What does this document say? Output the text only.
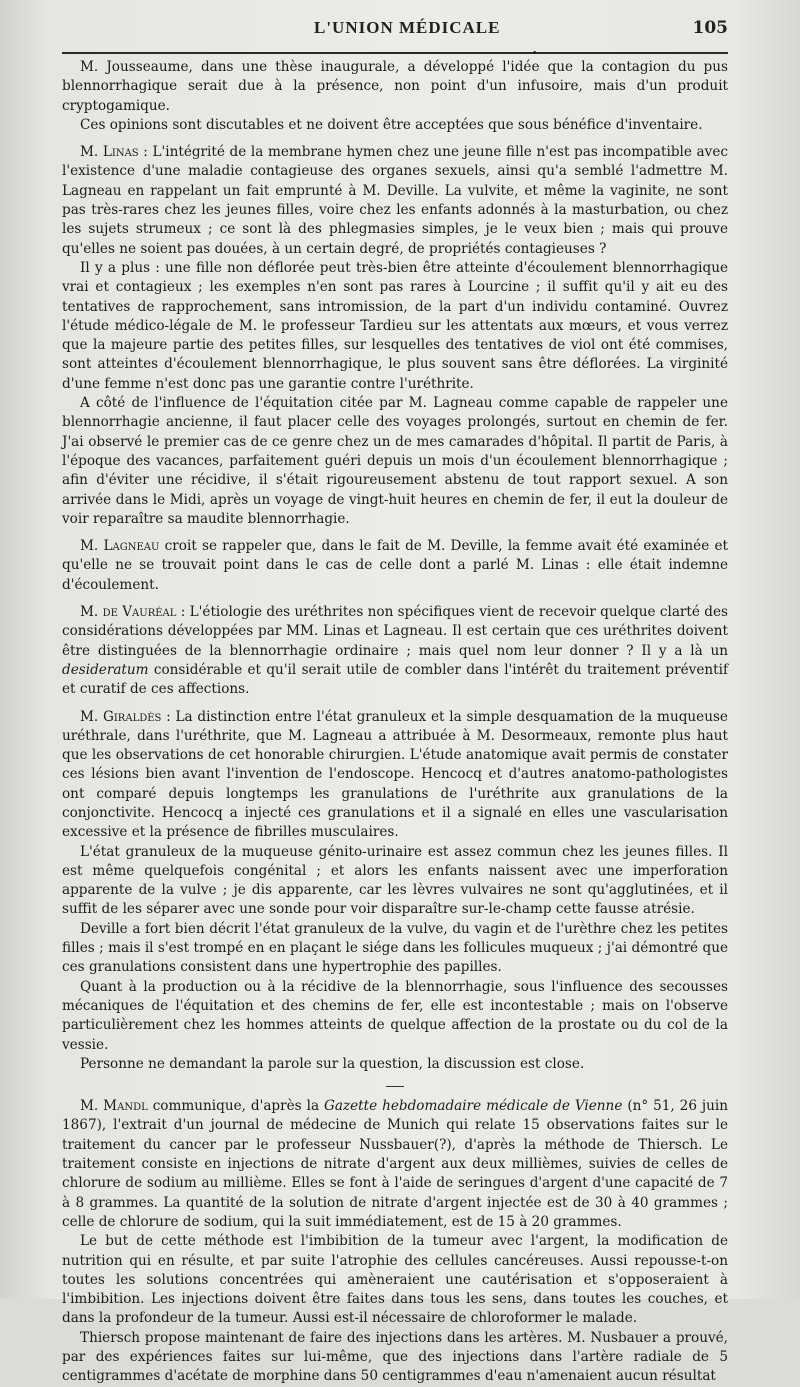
L'UNION MÉDICALE	105
•

M. Jousseaume, dans une thèse inaugurale, a développé l'idée que la contagion du pus blennorrhagique serait due à la présence, non point d'un infusoire, mais d'un produit cryptogamique.

Ces opinions sont discutables et ne doivent être acceptées que sous bénéfice d'inventaire.

M. Linas : L'intégrité de la membrane hymen chez une jeune fille n'est pas incompatible avec l'existence d'une maladie contagieuse des organes sexuels, ainsi qu'a semblé l'admettre M. Lagneau en rappelant un fait emprunté à M. Deville. La vulvite, et même la vaginite, ne sont pas très-rares chez les jeunes filles, voire chez les enfants adonnés à la masturbation, ou chez les sujets strumeux ; ce sont là des phlegmasies simples, je le veux bien ; mais qui prouve qu'elles ne soient pas douées, à un certain degré, de propriétés contagieuses ?

Il y a plus : une fille non déflorée peut très-bien être atteinte d'écoulement blennorrhagique vrai et contagieux ; les exemples n'en sont pas rares à Lourcine ; il suffit qu'il y ait eu des tentatives de rapprochement, sans intromission, de la part d'un individu contaminé. Ouvrez l'étude médico-légale de M. le professeur Tardieu sur les attentats aux mœurs, et vous verrez que la majeure partie des petites filles, sur lesquelles des tentatives de viol ont été commises, sont atteintes d'écoulement blennorrhagique, le plus souvent sans être déflorées. La virginité d'une femme n'est donc pas une garantie contre l'uréthrite.

A côté de l'influence de l'équitation citée par M. Lagneau comme capable de rappeler une blennorrhagie ancienne, il faut placer celle des voyages prolongés, surtout en chemin de fer. J'ai observé le premier cas de ce genre chez un de mes camarades d'hôpital. Il partit de Paris, à l'époque des vacances, parfaitement guéri depuis un mois d'un écoulement blennorrhagique ; afin d'éviter une récidive, il s'était rigoureusement abstenu de tout rapport sexuel. A son arrivée dans le Midi, après un voyage de vingt-huit heures en chemin de fer, il eut la douleur de voir reparaître sa maudite blennorrhagie.

M. Lagneau croit se rappeler que, dans le fait de M. Deville, la femme avait été examinée et qu'elle ne se trouvait point dans le cas de celle dont a parlé M. Linas : elle était indemne d'écoulement.

M. de Vauréal : L'étiologie des uréthrites non spécifiques vient de recevoir quelque clarté des considérations développées par MM. Linas et Lagneau. Il est certain que ces uréthrites doivent être distinguées de la blennorrhagie ordinaire ; mais quel nom leur donner ? Il y a là un desideratum considérable et qu'il serait utile de combler dans l'intérêt du traitement préventif et curatif de ces affections.

M. Giraldès : La distinction entre l'état granuleux et la simple desquamation de la muqueuse uréthrale, dans l'uréthrite, que M. Lagneau a attribuée à M. Desormeaux, remonte plus haut que les observations de cet honorable chirurgien. L'étude anatomique avait permis de constater ces lésions bien avant l'invention de l'endoscope. Hencocq et d'autres anatomo-pathologistes ont comparé depuis longtemps les granulations de l'uréthrite aux granulations de la conjonctivite. Hencocq a injecté ces granulations et il a signalé en elles une vascularisation excessive et la présence de fibrilles musculaires.

L'état granuleux de la muqueuse génito-urinaire est assez commun chez les jeunes filles. Il est même quelquefois congénital ; et alors les enfants naissent avec une imperforation apparente de la vulve ; je dis apparente, car les lèvres vulvaires ne sont qu'agglutinées, et il suffit de les séparer avec une sonde pour voir disparaître sur-le-champ cette fausse atrésie.

Deville a fort bien décrit l'état granuleux de la vulve, du vagin et de l'urèthre chez les petites filles ; mais il s'est trompé en en plaçant le siége dans les follicules muqueux ; j'ai démontré que ces granulations consistent dans une hypertrophie des papilles.

Quant à la production ou à la récidive de la blennorrhagie, sous l'influence des secousses mécaniques de l'équitation et des chemins de fer, elle est incontestable ; mais on l'observe particulièrement chez les hommes atteints de quelque affection de la prostate ou du col de la vessie.

Personne ne demandant la parole sur la question, la discussion est close.

M. Mandl communique, d'après la Gazette hebdomadaire médicale de Vienne (n° 51, 26 juin 1867), l'extrait d'un journal de médecine de Munich qui relate 15 observations faites sur le traitement du cancer par le professeur Nussbauer(?), d'après la méthode de Thiersch. Le traitement consiste en injections de nitrate d'argent aux deux millièmes, suivies de celles de chlorure de sodium au millième. Elles se font à l'aide de seringues d'argent d'une capacité de 7 à 8 grammes. La quantité de la solution de nitrate d'argent injectée est de 30 à 40 grammes ; celle de chlorure de sodium, qui la suit immédiatement, est de 15 à 20 grammes.

Le but de cette méthode est l'imbibition de la tumeur avec l'argent, la modification de nutrition qui en résulte, et par suite l'atrophie des cellules cancéreuses. Aussi repousse-t-on toutes les solutions concentrées qui amèneraient une cautérisation et s'opposeraient à l'imbibition. Les injections doivent être faites dans tous les sens, dans toutes les couches, et dans la profondeur de la tumeur. Aussi est-il nécessaire de chloroformer le malade.

Thiersch propose maintenant de faire des injections dans les artères. M. Nusbauer a prouvé, par des expériences faites sur lui-même, que des injections dans l'artère radiale de 5 centigrammes d'acétate de morphine dans 50 centigrammes d'eau n'amenaient aucun résultat
